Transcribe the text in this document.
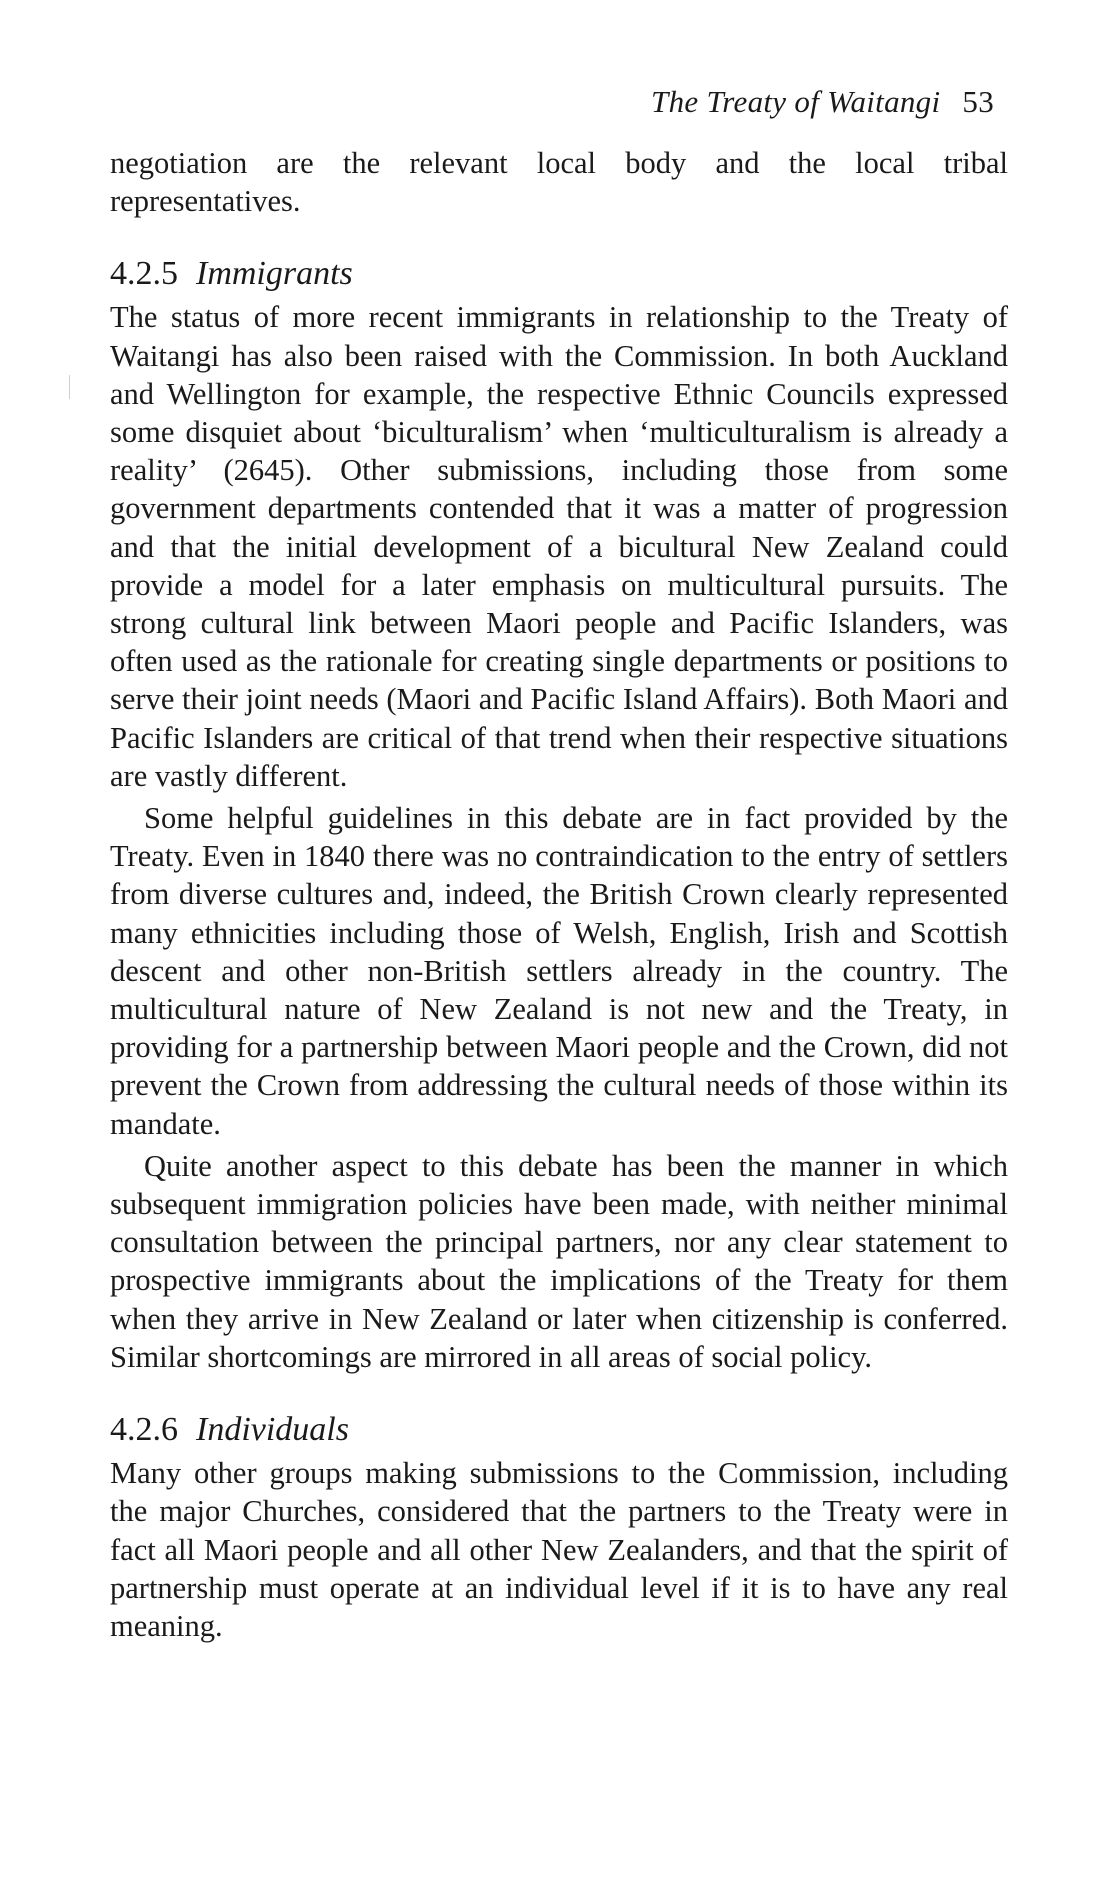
The Treaty of Waitangi 53

negotiation are the relevant local body and the local tribal representatives.

4.2.5 Immigrants

The status of more recent immigrants in relationship to the Treaty of Waitangi has also been raised with the Commission. In both Auckland and Wellington for example, the respective Ethnic Councils expressed some disquiet about ‘biculturalism’ when ‘multiculturalism is already a reality’ (2645). Other submissions, including those from some government departments contended that it was a matter of progression and that the initial development of a bicultural New Zealand could provide a model for a later emphasis on multicultural pursuits. The strong cultural link between Maori people and Pacific Islanders, was often used as the rationale for creating single departments or positions to serve their joint needs (Maori and Pacific Island Affairs). Both Maori and Pacific Islanders are critical of that trend when their respective situations are vastly different.

Some helpful guidelines in this debate are in fact provided by the Treaty. Even in 1840 there was no contraindication to the entry of settlers from diverse cultures and, indeed, the British Crown clearly represented many ethnicities including those of Welsh, English, Irish and Scottish descent and other non-British settlers already in the country. The multicultural nature of New Zealand is not new and the Treaty, in providing for a partnership between Maori people and the Crown, did not prevent the Crown from addressing the cultural needs of those within its mandate.

Quite another aspect to this debate has been the manner in which subsequent immigration policies have been made, with neither minimal consultation between the principal partners, nor any clear statement to prospective immigrants about the implications of the Treaty for them when they arrive in New Zealand or later when citizenship is conferred. Similar shortcomings are mirrored in all areas of social policy.

4.2.6 Individuals

Many other groups making submissions to the Commission, including the major Churches, considered that the partners to the Treaty were in fact all Maori people and all other New Zealanders, and that the spirit of partnership must operate at an individual level if it is to have any real meaning.
